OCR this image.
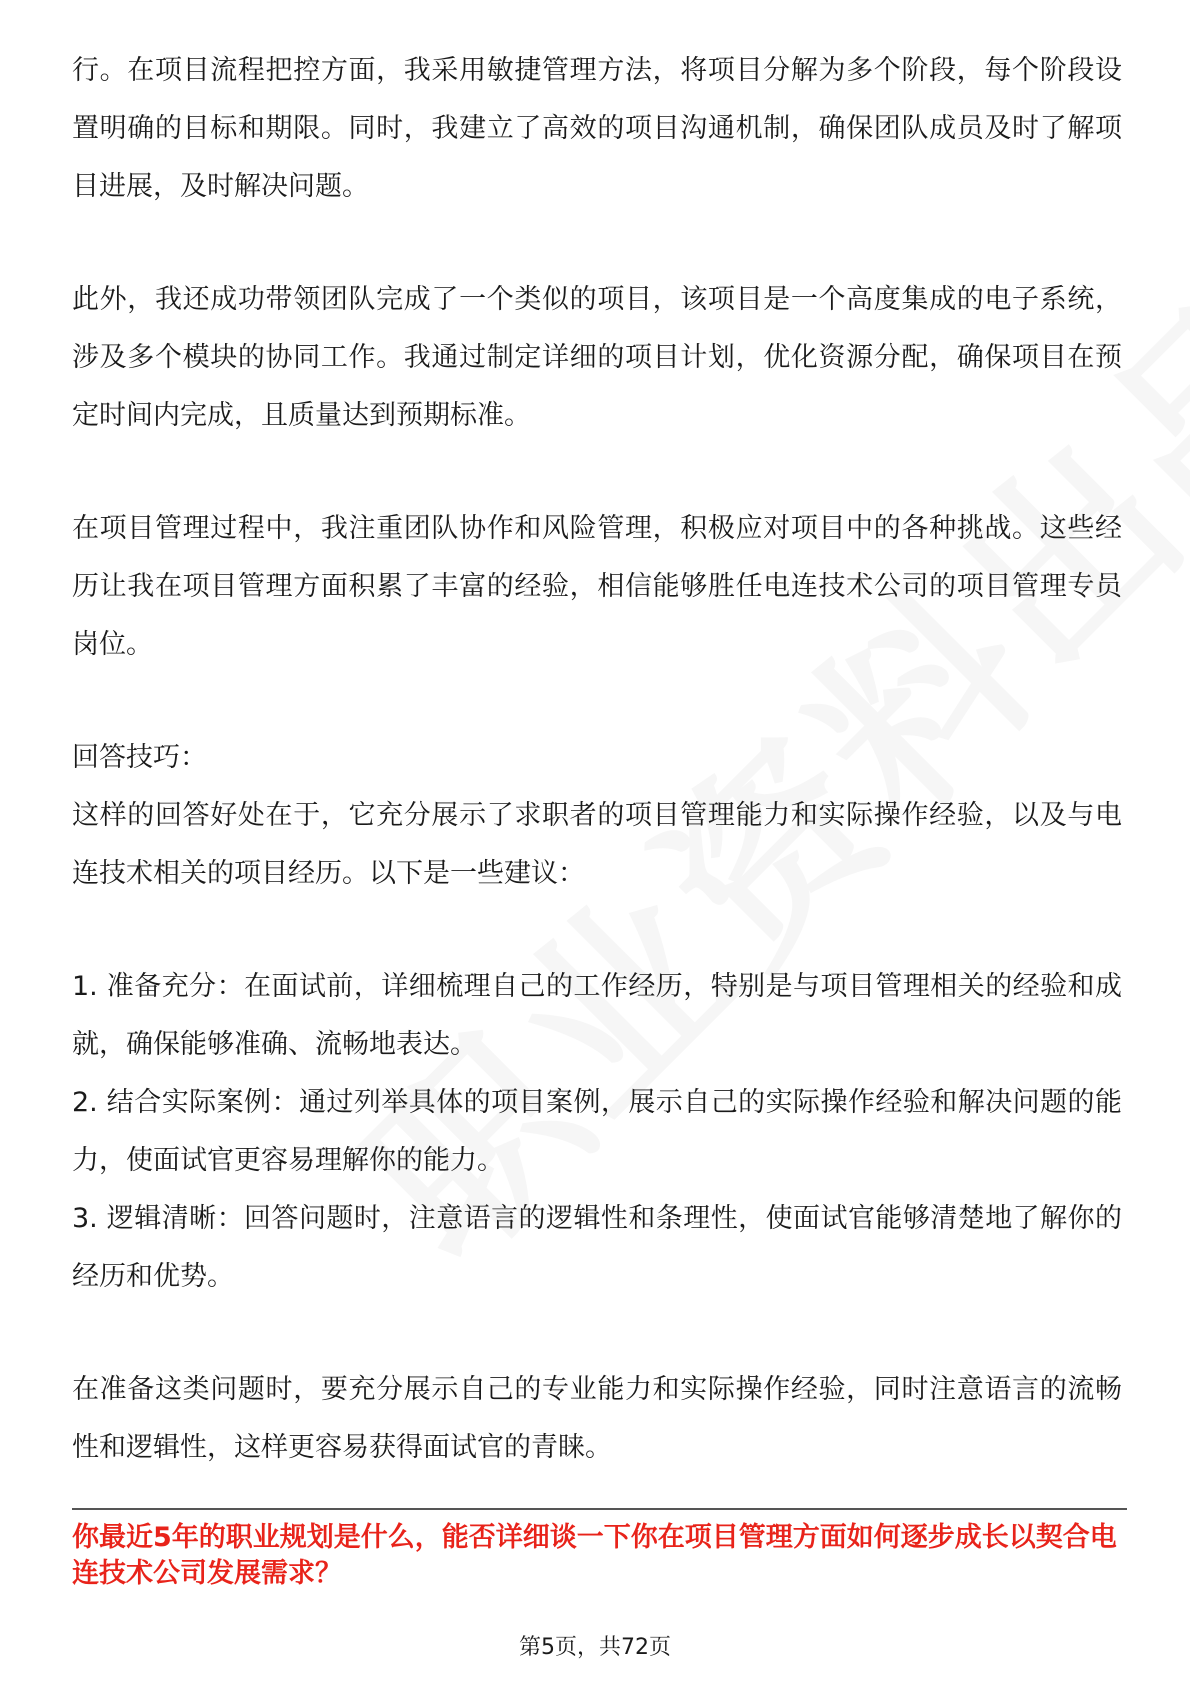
行。在项目流程把控方面，我采用敏捷管理方法，将项目分解为多个阶段，每个阶段设置明确的目标和期限。同时，我建立了高效的项目沟通机制，确保团队成员及时了解项目进展，及时解决问题。

此外，我还成功带领团队完成了一个类似的项目，该项目是一个高度集成的电子系统，涉及多个模块的协同工作。我通过制定详细的项目计划，优化资源分配，确保项目在预定时间内完成，且质量达到预期标准。

在项目管理过程中，我注重团队协作和风险管理，积极应对项目中的各种挑战。这些经历让我在项目管理方面积累了丰富的经验，相信能够胜任电连技术公司的项目管理专员岗位。

回答技巧：

这样的回答好处在于，它充分展示了求职者的项目管理能力和实际操作经验，以及与电连技术相关的项目经历。以下是一些建议：

1. 准备充分：在面试前，详细梳理自己的工作经历，特别是与项目管理相关的经验和成就，确保能够准确、流畅地表达。

2. 结合实际案例：通过列举具体的项目案例，展示自己的实际操作经验和解决问题的能力，使面试官更容易理解你的能力。

3. 逻辑清晰：回答问题时，注意语言的逻辑性和条理性，使面试官能够清楚地了解你的经历和优势。

在准备这类问题时，要充分展示自己的专业能力和实际操作经验，同时注意语言的流畅性和逻辑性，这样更容易获得面试官的青睐。

你最近5年的职业规划是什么，能否详细谈一下你在项目管理方面如何逐步成长以契合电连技术公司发展需求？

第5页，共72页
